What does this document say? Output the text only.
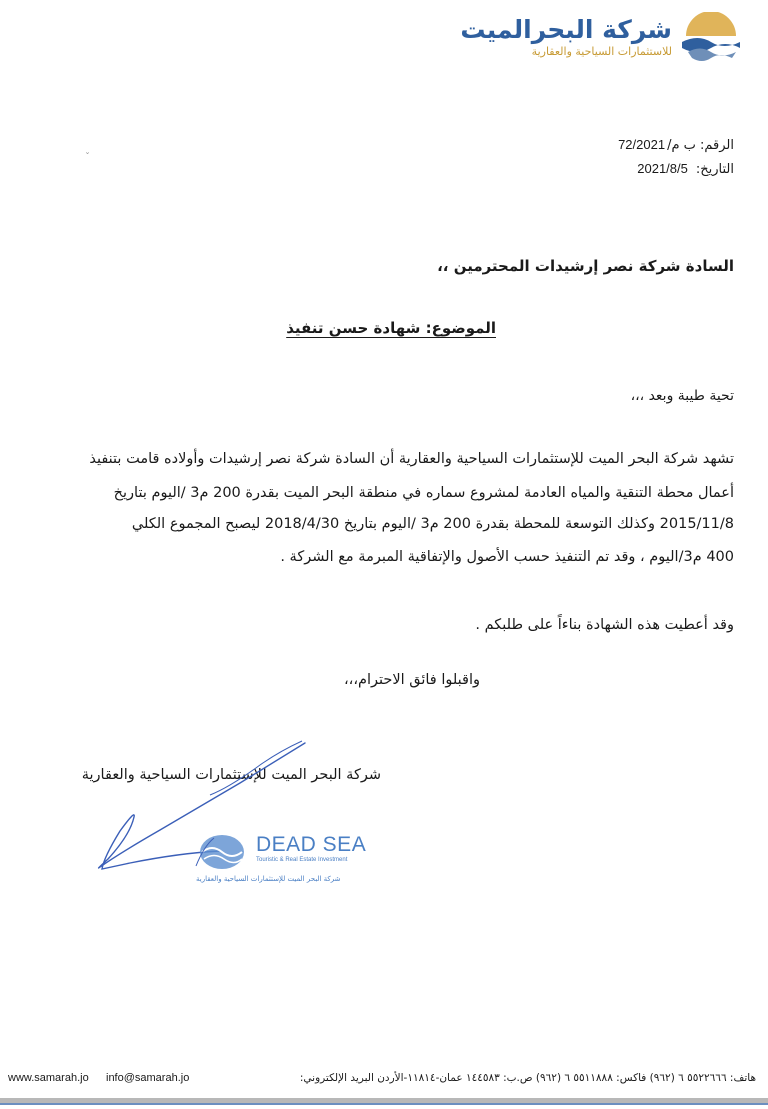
شركة البحرالميت
للاستثمارات السياحية والعقارية
الرقم: ب م/72/2021
التاريخ:2021/8/5
ˇ
السادة شركة نصر إرشيدات المحترمين ،،
الموضوع: شهادة حسن تنفيذ
تحية طيبة وبعد ،،،
تشهد شركة البحر الميت للإستثمارات السياحية والعقارية أن السادة شركة نصر إرشيدات وأولاده قامت بتنفيذ
أعمال محطة التنقية والمياه العادمة لمشروع سماره في منطقة البحر الميت بقدرة 200 م3 /اليوم بتاريخ
2015/11/8 وكذلك التوسعة للمحطة بقدرة 200 م3 /اليوم بتاريخ 2018/4/30 ليصبح المجموع الكلي
400 م3/اليوم ، وقد تم التنفيذ حسب الأصول والإتفاقية المبرمة مع الشركة .
وقد أعطيت هذه الشهادة بناءاً على طلبكم .
واقبلوا فائق الاحترام،،،
شركة البحر الميت للإستثمارات السياحية والعقارية
DEAD SEA
Touristic & Real Estate Investment
شركة البحر الميت للإستثمارات السياحية والعقارية
www.samarah.jo info@samarah.jo	هاتف: ٥٥٢٢٦٦٦ ٦ (٩٦٢) فاكس: ٥٥١١٨٨٨ ٦ (٩٦٢) ص.ب: ١٤٤٥٨٣ عمان-١١٨١٤-الأردن البريد الإلكتروني:
